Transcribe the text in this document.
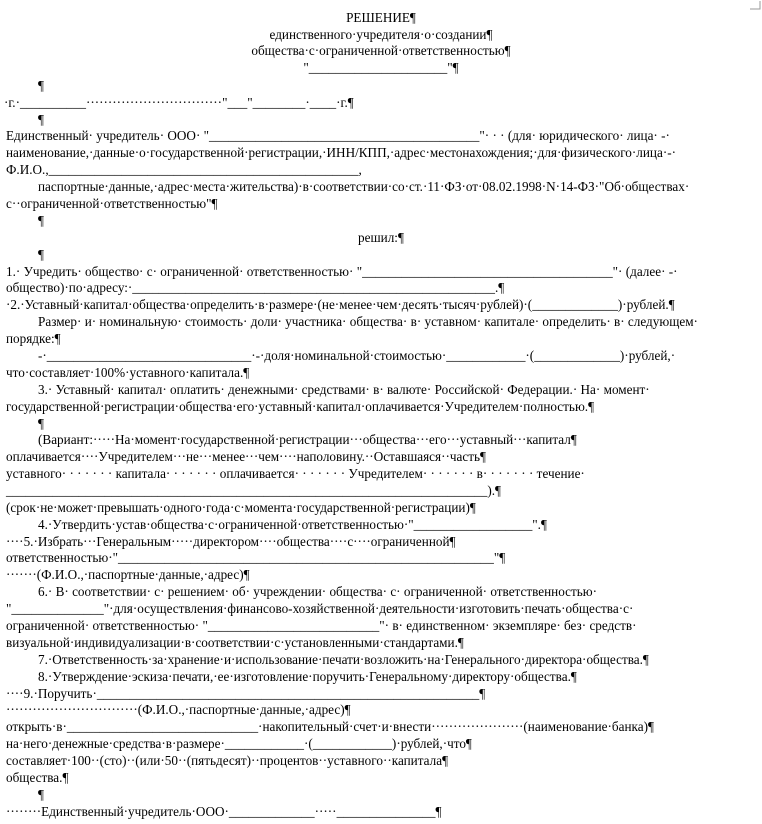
РЕШЕНИЕ¶
единственного·учредителя·о·создании¶
общества·с·ограниченной·ответственностью¶
"_____________________"¶
¶
·г.·__________·······························"___"________·____·г.¶
¶
Единственный· учредитель· ООО· "_________________________________________"· · · (для· юридического· лица· -·
наименование,·данные·о·государственной·регистрации,·ИНН/КПП,·адрес·местонахождения;·для·физического·лица·-·
Ф.И.О.,_______________________________________________,
паспортные·данные,·адрес·места·жительства)·в·соответствии·со·ст.·11·ФЗ·от·08.02.1998·N·14-ФЗ·"Об·обществах·
с··ограниченной·ответственностью"¶
¶
решил:¶
¶
1.· Учредить· общество· с· ограниченной· ответственностью· "______________________________________"· (далее· -·
общество)·по·адресу:·_______________________________________________________.¶
·2.·Уставный·капитал·общества·определить·в·размере·(не·менее·чем·десять·тысяч·рублей)·(_____________)·рублей.¶
Размер· и· номинальную· стоимость· доли· участника· общества· в· уставном· капитале· определить· в· следующем·
порядке:¶
-·_______________________________·-·доля·номинальной·стоимостью·____________·(_____________)·рублей,·
что·составляет·100%·уставного·капитала.¶
3.· Уставный· капитал· оплатить· денежными· средствами· в· валюте· Российской· Федерации.· На· момент·
государственной·регистрации·общества·его·уставный·капитал·оплачивается·Учредителем·полностью.¶
¶
(Вариант:·····На·момент·государственной·регистрации···общества···его···уставный···капитал¶
оплачивается····Учредителем···не···менее···чем····наполовину.··Оставшаяся··часть¶
уставного· · · · · · · капитала· · · · · · · оплачивается· · · · · · · Учредителем· · · · · · · в· · · · · · · течение·
_________________________________________________________________________).¶
(срок·не·может·превышать·одного·года·с·момента·государственной·регистрации)¶
4.·Утвердить·устав·общества·с·ограниченной·ответственностью·"__________________".¶
····5.·Избрать···Генеральным·····директором····общества····с····ограниченной¶
ответственностью·"_________________________________________________________"¶
·······(Ф.И.О.,·паспортные·данные,·адрес)¶
6.· В· соответствии· с· решением· об· учреждении· общества· с· ограниченной· ответственностью·
"______________"·для·осуществления·финансово-хозяйственной·деятельности·изготовить·печать·общества·с·
ограниченной· ответственностью· "__________________________"· в· единственном· экземпляре· без· средств·
визуальной·индивидуализации·в·соответствии·с·установленными·стандартами.¶
7.·Ответственность·за·хранение·и·использование·печати·возложить·на·Генерального·директора·общества.¶
8.·Утверждение·эскиза·печати,·ее·изготовление·поручить·Генеральному·директору·общества.¶
····9.·Поручить·__________________________________________________________¶
······························(Ф.И.О.,·паспортные·данные,·адрес)¶
открыть·в·_____________________________·накопительный·счет·и·внести·····················(наименование·банка)¶
на·него·денежные·средства·в·размере·____________·(____________)·рублей,·что¶
составляет·100··(сто)··(или·50··(пятьдесят)··процентов··уставного··капитала¶
общества.¶
¶
········Единственный·учредитель·ООО·_____________·····_______________¶
